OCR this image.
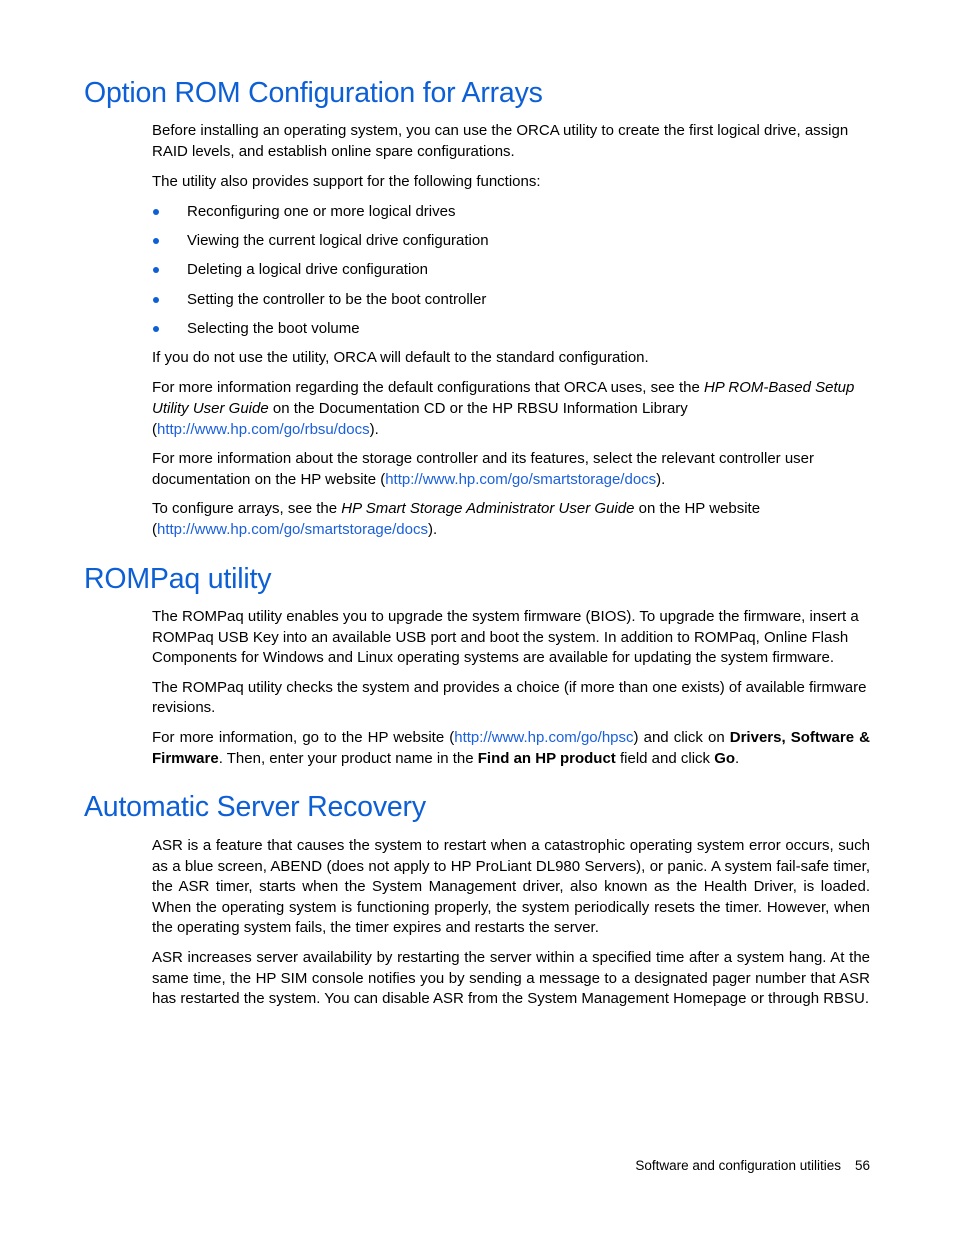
Option ROM Configuration for Arrays

Before installing an operating system, you can use the ORCA utility to create the first logical drive, assign RAID levels, and establish online spare configurations.

The utility also provides support for the following functions:

Reconfiguring one or more logical drives
Viewing the current logical drive configuration
Deleting a logical drive configuration
Setting the controller to be the boot controller
Selecting the boot volume

If you do not use the utility, ORCA will default to the standard configuration.

For more information regarding the default configurations that ORCA uses, see the HP ROM-Based Setup Utility User Guide on the Documentation CD or the HP RBSU Information Library (http://www.hp.com/go/rbsu/docs).

For more information about the storage controller and its features, select the relevant controller user documentation on the HP website (http://www.hp.com/go/smartstorage/docs).

To configure arrays, see the HP Smart Storage Administrator User Guide on the HP website (http://www.hp.com/go/smartstorage/docs).

ROMPaq utility

The ROMPaq utility enables you to upgrade the system firmware (BIOS). To upgrade the firmware, insert a ROMPaq USB Key into an available USB port and boot the system. In addition to ROMPaq, Online Flash Components for Windows and Linux operating systems are available for updating the system firmware.

The ROMPaq utility checks the system and provides a choice (if more than one exists) of available firmware revisions.

For more information, go to the HP website (http://www.hp.com/go/hpsc) and click on Drivers, Software & Firmware. Then, enter your product name in the Find an HP product field and click Go.

Automatic Server Recovery

ASR is a feature that causes the system to restart when a catastrophic operating system error occurs, such as a blue screen, ABEND (does not apply to HP ProLiant DL980 Servers), or panic. A system fail-safe timer, the ASR timer, starts when the System Management driver, also known as the Health Driver, is loaded. When the operating system is functioning properly, the system periodically resets the timer. However, when the operating system fails, the timer expires and restarts the server.

ASR increases server availability by restarting the server within a specified time after a system hang. At the same time, the HP SIM console notifies you by sending a message to a designated pager number that ASR has restarted the system. You can disable ASR from the System Management Homepage or through RBSU.

Software and configuration utilities 56
